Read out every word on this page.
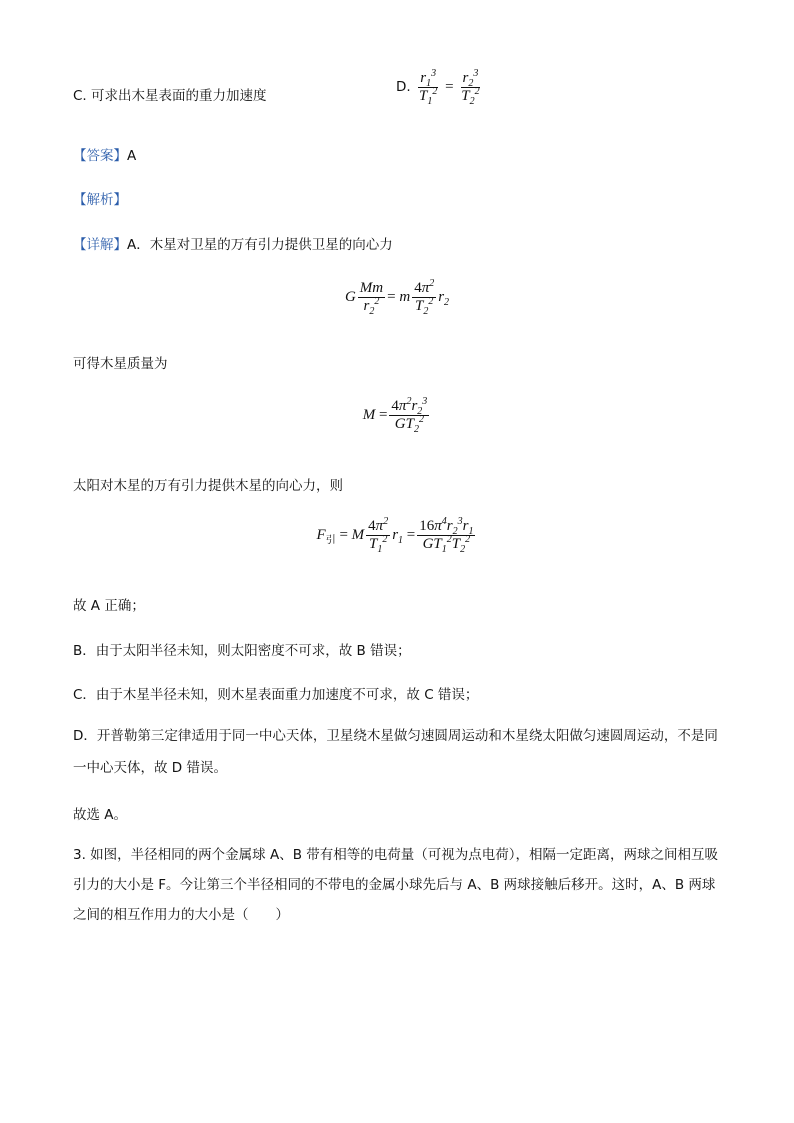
C. 可求出木星表面的重力加速度
D. $\frac{r_1^3}{T_1^2} = \frac{r_2^3}{T_2^2}$
【答案】A
【解析】
【详解】A．木星对卫星的万有引力提供卫星的向心力
G $\frac{Mm}{r_2^2} = m \frac{4\pi^2}{T_2^2} r_2$
可得木星质量为
$M = \frac{4\pi^2r_2^3}{GT_2^2}$
太阳对木星的万有引力提供木星的向心力，则
$F_引 = M \frac{4\pi^2}{T_1^2} r_1 = \frac{16\pi^4r_2^3r_1}{GT_1^2T_2^2}$
故 A 正确；
B．由于太阳半径未知，则太阳密度不可求，故 B 错误；
C．由于木星半径未知，则木星表面重力加速度不可求，故 C 错误；
D．开普勒第三定律适用于同一中心天体，卫星绕木星做匀速圆周运动和木星绕太阳做匀速圆周运动，不是同一中心天体，故 D 错误。
故选 A。
3. 如图，半径相同的两个金属球 A、B 带有相等的电荷量（可视为点电荷），相隔一定距离，两球之间相互吸引力的大小是 F。今让第三个半径相同的不带电的金属小球先后与 A、B 两球接触后移开。这时，A、B 两球之间的相互作用力的大小是（　　）
